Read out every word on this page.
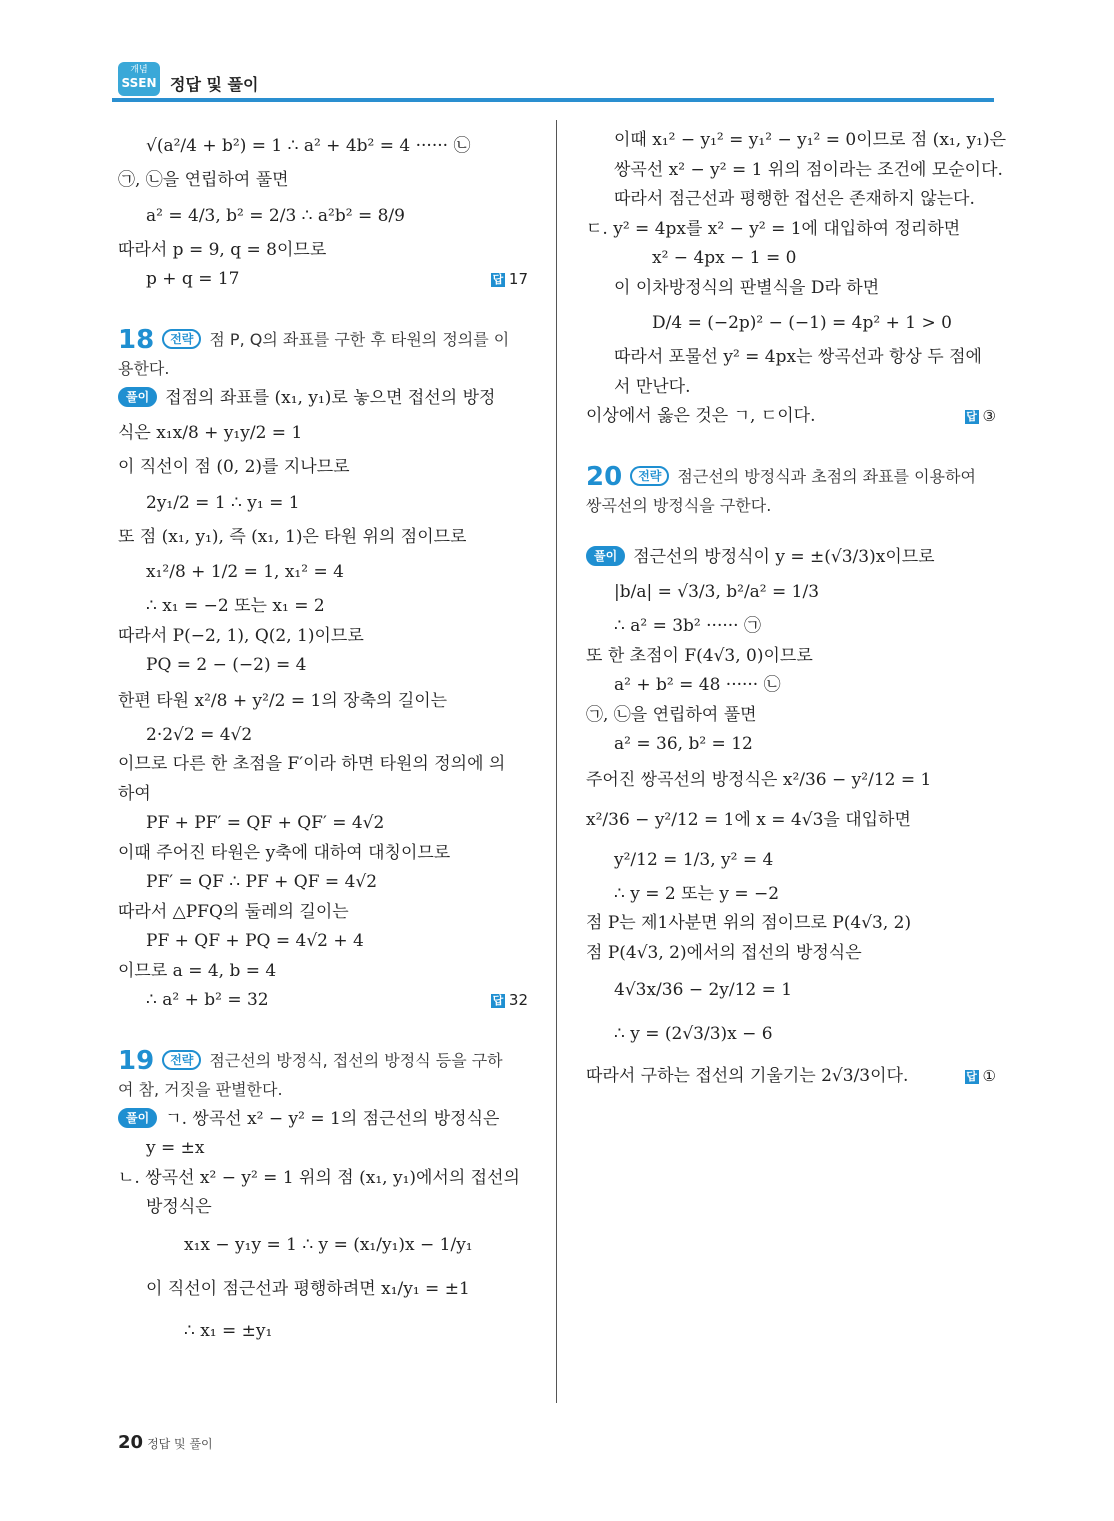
개념
SSEN 정답 및 풀이
√(a²/4 + b²) = 1 ∴ a² + 4b² = 4 ······ ㉡
㉠, ㉡을 연립하여 풀면
a² = 4/3, b² = 2/3 ∴ a²b² = 8/9
따라서 p = 9, q = 8이므로
p + q = 17	답 17
18 전략 점 P, Q의 좌표를 구한 후 타원의 정의를 이
용한다.
풀이 접점의 좌표를 (x₁, y₁)로 놓으면 접선의 방정
식은 x₁x/8 + y₁y/2 = 1
이 직선이 점 (0, 2)를 지나므로
2y₁/2 = 1 ∴ y₁ = 1
또 점 (x₁, y₁), 즉 (x₁, 1)은 타원 위의 점이므로
x₁²/8 + 1/2 = 1, x₁² = 4
∴ x₁ = −2 또는 x₁ = 2
따라서 P(−2, 1), Q(2, 1)이므로
PQ = 2 − (−2) = 4
한편 타원 x²/8 + y²/2 = 1의 장축의 길이는
2·2√2 = 4√2
이므로 다른 한 초점을 F′이라 하면 타원의 정의에 의
하여
PF + PF′ = QF + QF′ = 4√2
이때 주어진 타원은 y축에 대하여 대칭이므로
PF′ = QF ∴ PF + QF = 4√2
따라서 △PFQ의 둘레의 길이는
PF + QF + PQ = 4√2 + 4
이므로 a = 4, b = 4
∴ a² + b² = 32	답 32
19 전략 점근선의 방정식, 접선의 방정식 등을 구하
여 참, 거짓을 판별한다.
풀이 ㄱ. 쌍곡선 x² − y² = 1의 점근선의 방정식은
y = ±x
ㄴ. 쌍곡선 x² − y² = 1 위의 점 (x₁, y₁)에서의 접선의
방정식은
x₁x − y₁y = 1 ∴ y = (x₁/y₁)x − 1/y₁
이 직선이 점근선과 평행하려면 x₁/y₁ = ±1
∴ x₁ = ±y₁
이때 x₁² − y₁² = y₁² − y₁² = 0이므로 점 (x₁, y₁)은
쌍곡선 x² − y² = 1 위의 점이라는 조건에 모순이다.
따라서 점근선과 평행한 접선은 존재하지 않는다.
ㄷ. y² = 4px를 x² − y² = 1에 대입하여 정리하면
x² − 4px − 1 = 0
이 이차방정식의 판별식을 D라 하면
D/4 = (−2p)² − (−1) = 4p² + 1 > 0
따라서 포물선 y² = 4px는 쌍곡선과 항상 두 점에
서 만난다.
이상에서 옳은 것은 ㄱ, ㄷ이다.	답 ③
20 전략 점근선의 방정식과 초점의 좌표를 이용하여
쌍곡선의 방정식을 구한다.
풀이 점근선의 방정식이 y = ±(√3/3)x이므로
|b/a| = √3/3, b²/a² = 1/3
∴ a² = 3b² ······ ㉠
또 한 초점이 F(4√3, 0)이므로
a² + b² = 48 ······ ㉡
㉠, ㉡을 연립하여 풀면
a² = 36, b² = 12
주어진 쌍곡선의 방정식은 x²/36 − y²/12 = 1
x²/36 − y²/12 = 1에 x = 4√3을 대입하면
y²/12 = 1/3, y² = 4
∴ y = 2 또는 y = −2
점 P는 제1사분면 위의 점이므로 P(4√3, 2)
점 P(4√3, 2)에서의 접선의 방정식은
4√3x/36 − 2y/12 = 1
∴ y = (2√3/3)x − 6
따라서 구하는 접선의 기울기는 2√3/3이다.	답 ①
20 정답 및 풀이
